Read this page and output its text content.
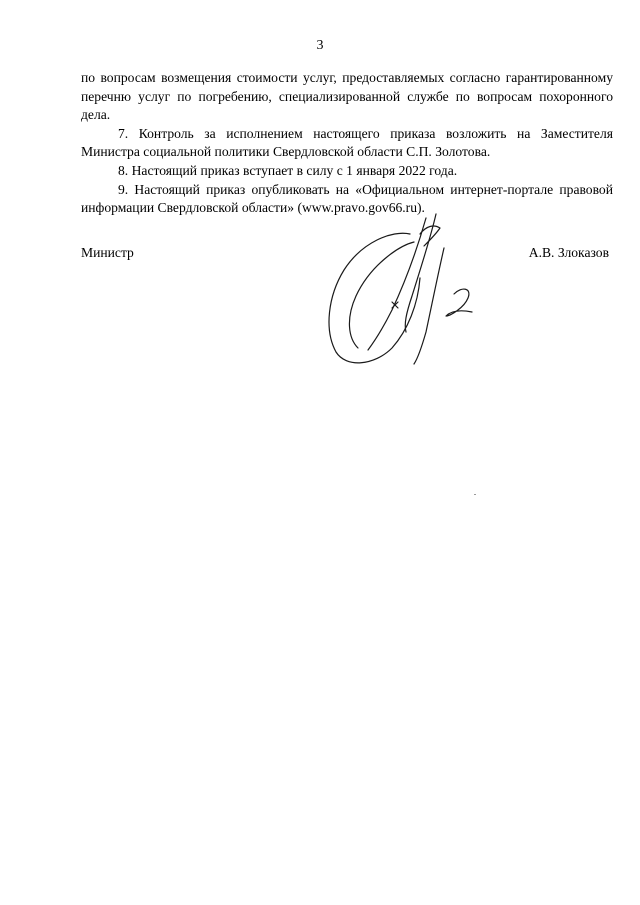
3

по вопросам возмещения стоимости услуг, предоставляемых согласно гарантированному перечню услуг по погребению, специализированной службе по вопросам похоронного дела.

7. Контроль за исполнением настоящего приказа возложить на Заместителя Министра социальной политики Свердловской области С.П. Золотова.

8. Настоящий приказ вступает в силу с 1 января 2022 года.

9. Настоящий приказ опубликовать на «Официальном интернет-портале правовой информации Свердловской области» (www.pravo.gov66.ru).

Министр	А.В. Злоказов
